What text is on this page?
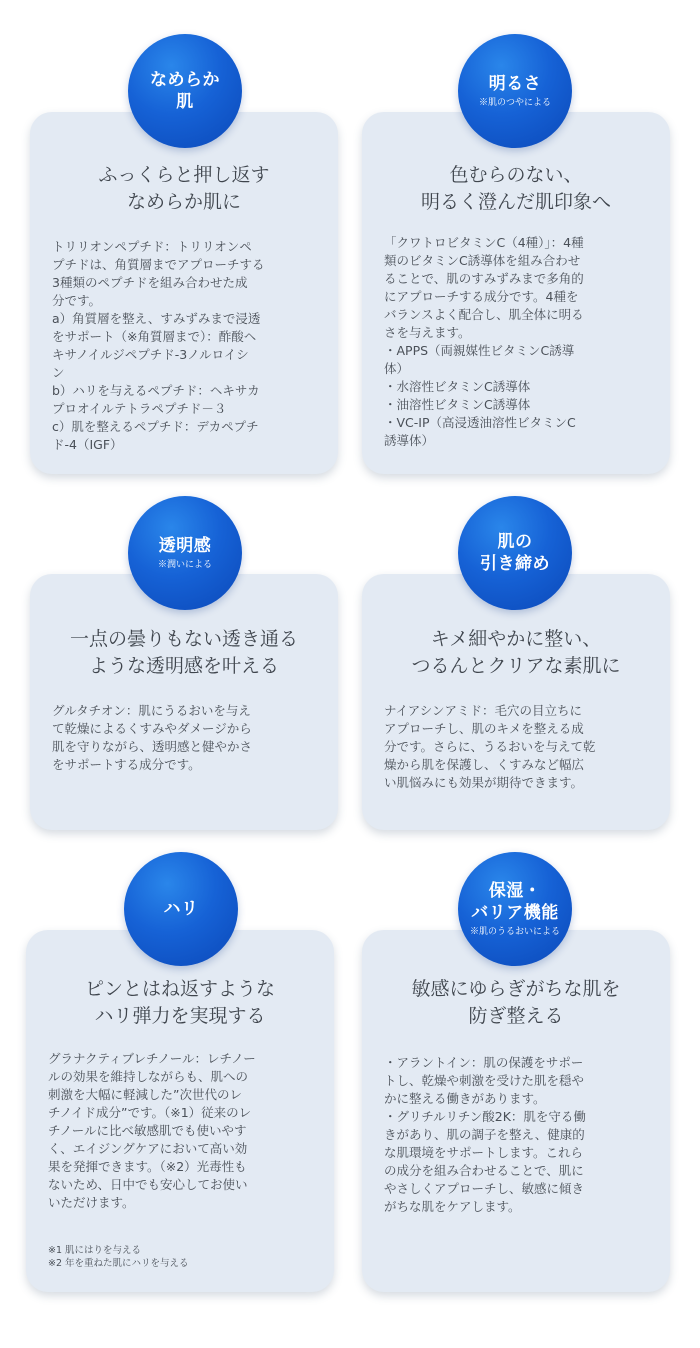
ふっくらと押し返す
なめらか肌に
トリリオンペプチド：トリリオンペ
プチドは、角質層までアプローチする
3種類のペプチドを組み合わせた成
分です。
a）角質層を整え、すみずみまで浸透
をサポート（※角質層まで）：酢酸ヘ
キサノイルジペプチド-3ノルロイシ
ン
b）ハリを与えるペプチド：ヘキサカ
プロオイルテトラペプチド－３
c）肌を整えるペプチド：デカペプチ
ド-4（IGF）
なめらか
肌
色むらのない、
明るく澄んだ肌印象へ
「クワトロビタミンC（4種）」：4種
類のビタミンC誘導体を組み合わせ
ることで、肌のすみずみまで多角的
にアプローチする成分です。4種を
バランスよく配合し、肌全体に明る
さを与えます。
・APPS（両親媒性ビタミンC誘導
体）
・水溶性ビタミンC誘導体
・油溶性ビタミンC誘導体
・VC-IP（高浸透油溶性ビタミンC
誘導体）
明るさ
※肌のつやによる
一点の曇りもない透き通る
ような透明感を叶える
グルタチオン：肌にうるおいを与え
て乾燥によるくすみやダメージから
肌を守りながら、透明感と健やかさ
をサポートする成分です。
透明感
※潤いによる
キメ細やかに整い、
つるんとクリアな素肌に
ナイアシンアミド：毛穴の目立ちに
アプローチし、肌のキメを整える成
分です。さらに、うるおいを与えて乾
燥から肌を保護し、くすみなど幅広
い肌悩みにも効果が期待できます。
肌の
引き締め
ピンとはね返すような
ハリ弾力を実現する
グラナクティブレチノール：レチノー
ルの効果を維持しながらも、肌への
刺激を大幅に軽減した”次世代のレ
チノイド成分”です。（※1）従来のレ
チノールに比べ敏感肌でも使いやす
く、エイジングケアにおいて高い効
果を発揮できます。（※2）光毒性も
ないため、日中でも安心してお使い
いただけます。
※1 肌にはりを与える
※2 年を重ねた肌にハリを与える
ハリ
敏感にゆらぎがちな肌を
防ぎ整える
・アラントイン：肌の保護をサポー
トし、乾燥や刺激を受けた肌を穏や
かに整える働きがあります。
・グリチルリチン酸2K：肌を守る働
きがあり、肌の調子を整え、健康的
な肌環境をサポートします。これら
の成分を組み合わせることで、肌に
やさしくアプローチし、敏感に傾き
がちな肌をケアします。
保湿・
バリア機能
※肌のうるおいによる
